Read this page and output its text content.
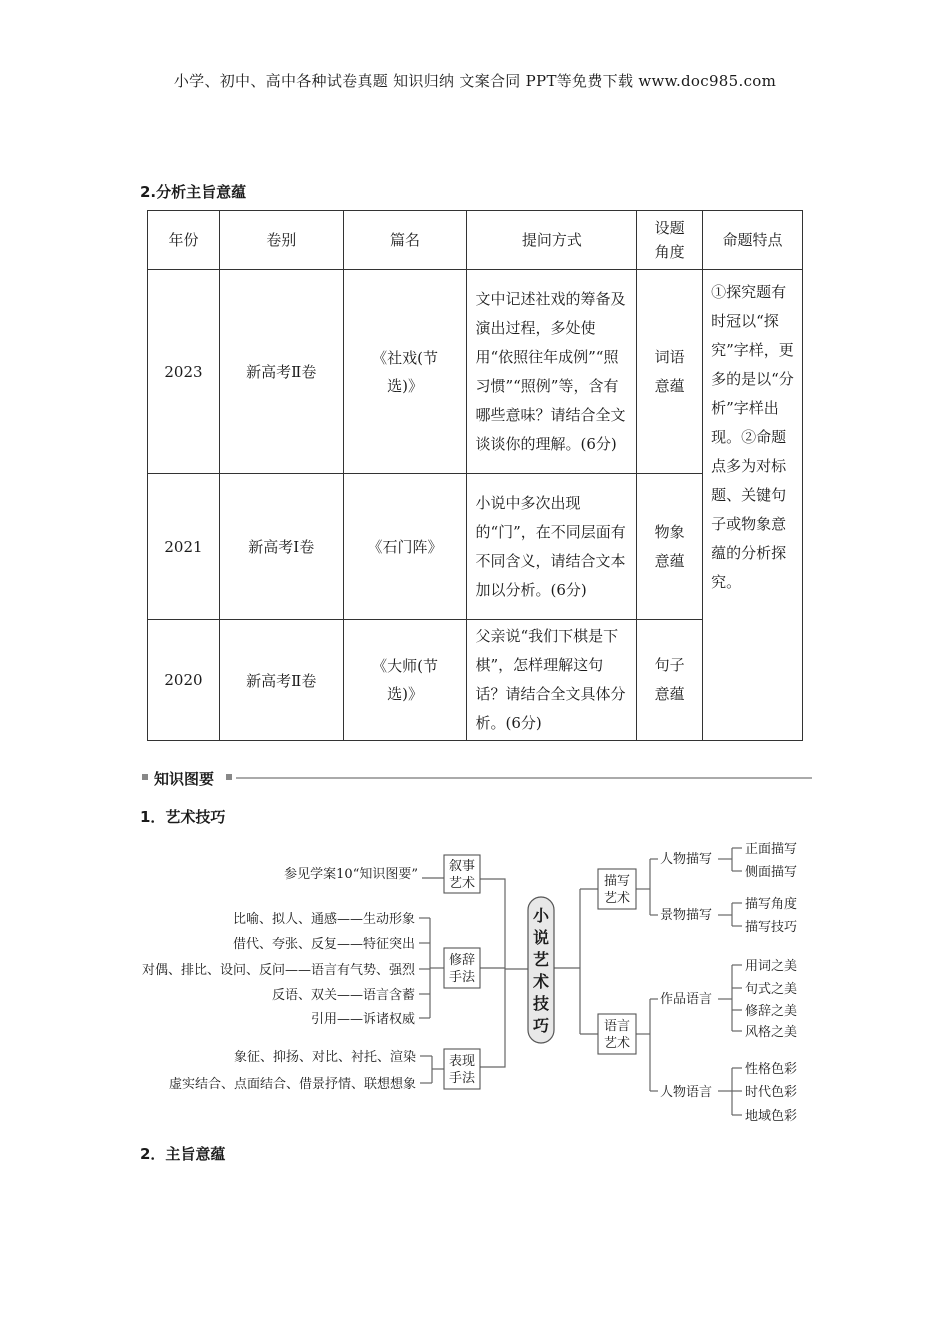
小学、初中、高中各种试卷真题 知识归纳 文案合同 PPT等免费下载 www.doc985.com
2.分析主旨意蕴
年份	卷别	篇名	提问方式	设题角度	命题特点
2023	新高考Ⅱ卷	《社戏(节选)》	文中记述社戏的筹备及演出过程，多处使用“依照往年成例”“照习惯”“照例”等，含有哪些意味？请结合全文谈谈你的理解。(6分)	词语意蕴	①探究题有时冠以“探究”字样，更多的是以“分析”字样出现。②命题点多为对标题、关键句子或物象意蕴的分析探究。
2021	新高考Ⅰ卷	《石门阵》	小说中多次出现的“门”，在不同层面有不同含义，请结合文本加以分析。(6分)	物象意蕴	
2020	新高考Ⅱ卷	《大师(节选)》	父亲说“我们下棋是下棋”，怎样理解这句话？请结合全文具体分析。(6分)	句子意蕴	
知识图要
1．艺术技巧
2．主旨意蕴
小说艺术技巧
叙事
艺术
参见学案10“知识图要”
修辞
手法
比喻、拟人、通感——生动形象
借代、夸张、反复——特征突出
对偶、排比、设问、反问——语言有气势、强烈
反语、双关——语言含蓄
引用——诉诸权威
表现
手法
象征、抑扬、对比、衬托、渲染
虚实结合、点面结合、借景抒情、联想想象
描写
艺术
人物描写
景物描写
正面描写
侧面描写
描写角度
描写技巧
语言
艺术
作品语言
人物语言
用词之美
句式之美
修辞之美
风格之美
性格色彩
时代色彩
地域色彩
